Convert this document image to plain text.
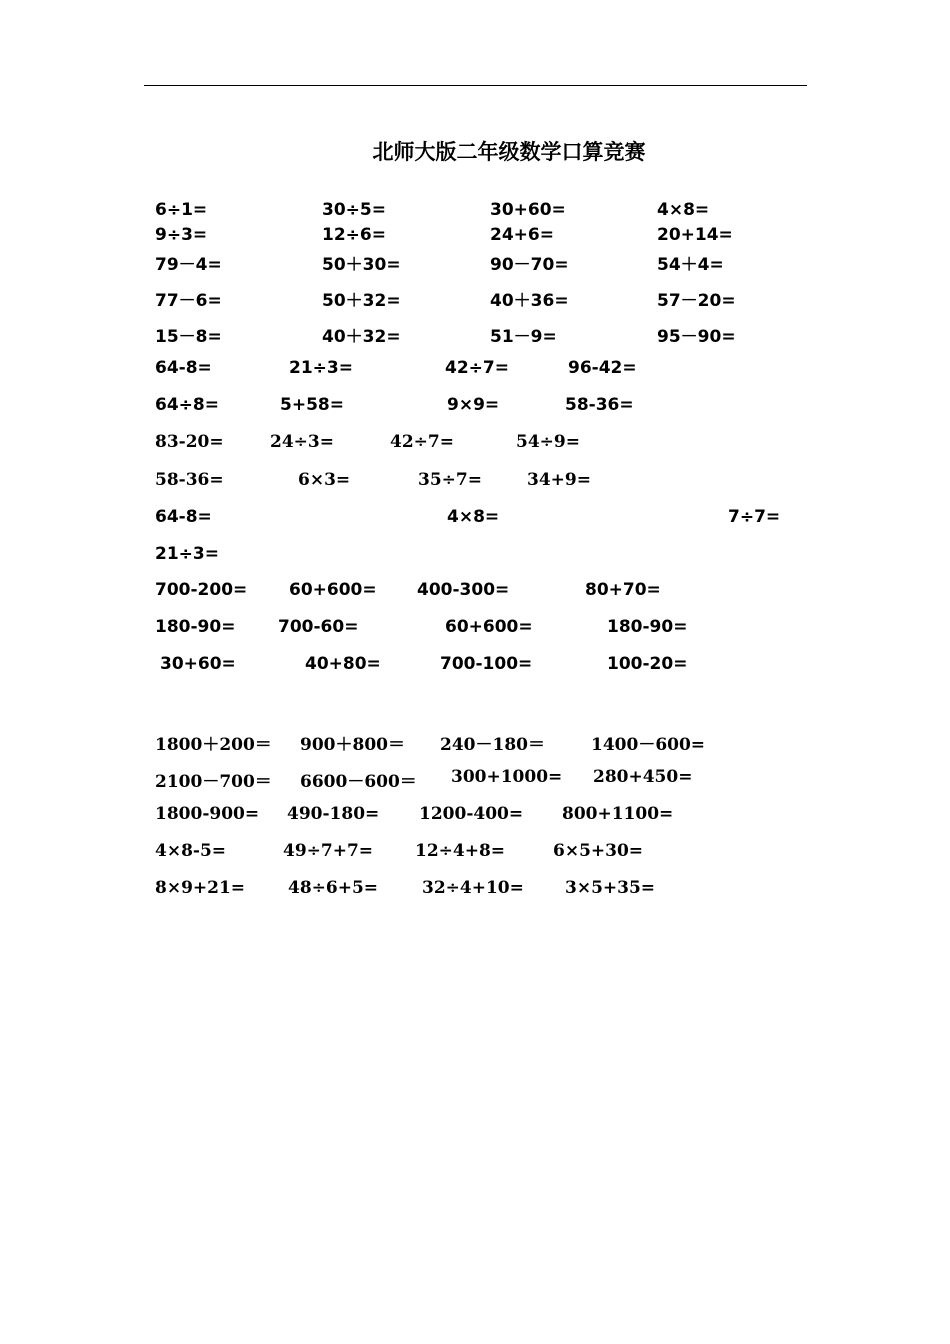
北师大版二年级数学口算竞赛
6÷1=	30÷5=	30+60=	4×8=
9÷3=	12÷6=	24+6=	20+14=
79－4=	50＋30=	90－70=	54＋4=
77－6=	50＋32=	40＋36=	57－20=
15－8=	40＋32=	51－9=	95－90=
64-8=	21÷3=	42÷7=	96-42=
64÷8=	5+58=	9×9=	58-36=
83-20=	24÷3=	42÷7=	54÷9=
58-36=	6×3=	35÷7=	34+9=
64-8=	4×8=	7÷7=
21÷3=
700-200= 60+600= 400-300=	80+70=
180-90=	700-60=	60+600=	180-90=
30+60=	40+80=	700-100=	100-20=
1800＋200＝ 900＋800＝ 240－180＝	1400－600=
2100－700＝ 6600－600＝ 300+1000= 280+450=
1800-900= 490-180= 1200-400= 800+1100=
4×8-5=	49÷7+7= 12÷4+8=	6×5+30=
8×9+21=	48÷6+5=	32÷4+10= 3×5+35=
